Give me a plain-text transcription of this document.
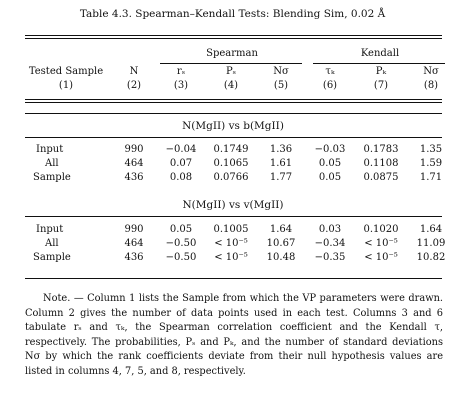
Table 4.3. Spearman–Kendall Tests: Blending Sim, 0.02 Å
Spearman	Kendall
Tested Sample	N	rₛ	Pₛ	Nσ	τₖ	Pₖ	Nσ
(1)	(2)	(3)	(4)	(5)	(6)	(7)	(8)
N(MgII) vs b(MgII)
Input	990 −0.04 0.1749 1.36 −0.03 0.1783 1.35
All	464	0.07 0.1065 1.61	0.05 0.1108 1.59
Sample	436	0.08 0.0766 1.77	0.05 0.0875 1.71
N(MgII) vs v(MgII)
Input	990	0.05 0.1005 1.64	0.03 0.1020 1.64
All	464 −0.50 < 10⁻⁵ 10.67 −0.34 < 10⁻⁵ 11.09
Sample	436 −0.50 < 10⁻⁵ 10.48 −0.35 < 10⁻⁵ 10.82
Note. — Column 1 lists the Sample from which the VP parameters were drawn. Column 2 gives the number of data points used in each test. Columns 3 and 6 tabulate rₛ and τₖ, the Spearman correlation coefficient and the Kendall τ, respectively. The probabilities, Pₛ and Pₖ, and the number of standard deviations Nσ by which the rank coefficients deviate from their null hypothesis values are listed in columns 4, 7, 5, and 8, respectively.
